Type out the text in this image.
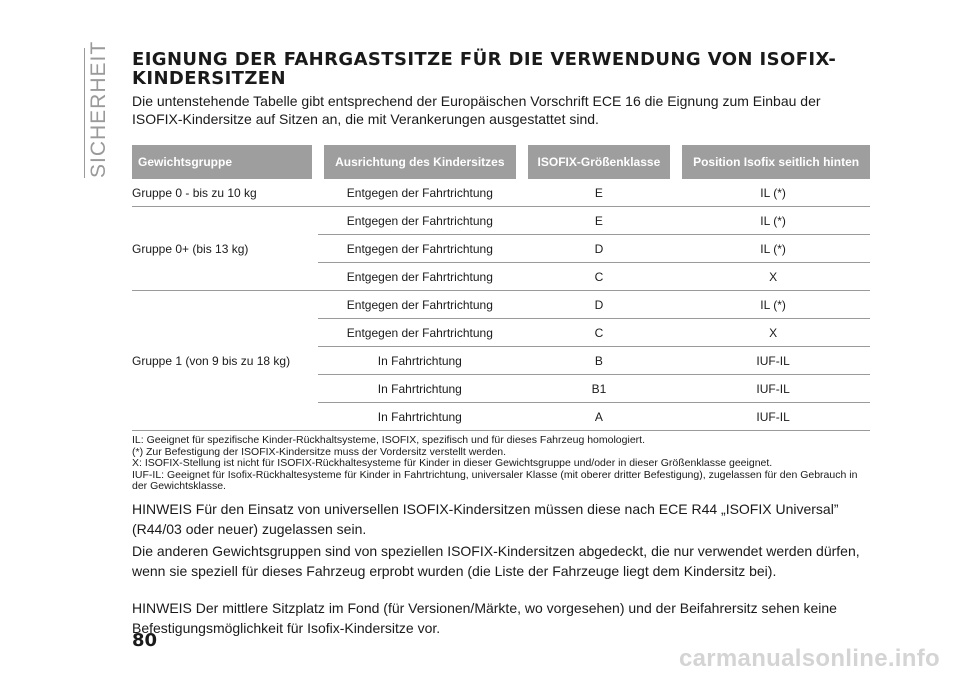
SICHERHEIT EIGNUNG DER FAHRGASTSITZE FÜR DIE VERWENDUNG VON ISOFIX-KINDERSITZEN

Die untenstehende Tabelle gibt entsprechend der Europäischen Vorschrift ECE 16 die Eignung zum Einbau der ISOFIX-Kindersitze auf Sitzen an, die mit Verankerungen ausgestattet sind.

Gewichtsgruppe	Ausrichtung des Kindersitzes	ISOFIX-Größenklasse	Position Isofix seitlich hinten
Gruppe 0 - bis zu 10 kg	Entgegen der Fahrtrichtung	E	IL (*)
Gruppe 0+ (bis 13 kg)	Entgegen der Fahrtrichtung	E	IL (*)
	Entgegen der Fahrtrichtung	D	IL (*)
	Entgegen der Fahrtrichtung	C	X
Gruppe 1 (von 9 bis zu 18 kg)	Entgegen der Fahrtrichtung	D	IL (*)
	Entgegen der Fahrtrichtung	C	X
	In Fahrtrichtung	B	IUF-IL
	In Fahrtrichtung	B1	IUF-IL
	In Fahrtrichtung	A	IUF-IL
IL: Geeignet für spezifische Kinder-Rückhaltsysteme, ISOFIX, spezifisch und für dieses Fahrzeug homologiert.
(*) Zur Befestigung der ISOFIX-Kindersitze muss der Vordersitz verstellt werden.
X: ISOFIX-Stellung ist nicht für ISOFIX-Rückhaltesysteme für Kinder in dieser Gewichtsgruppe und/oder in dieser Größenklasse geeignet.
IUF-IL: Geeignet für Isofix-Rückhaltesysteme für Kinder in Fahrtrichtung, universaler Klasse (mit oberer dritter Befestigung), zugelassen für den Gebrauch in der Gewichtsklasse.

HINWEIS Für den Einsatz von universellen ISOFIX-Kindersitzen müssen diese nach ECE R44 „ISOFIX Universal” (R44/03 oder neuer) zugelassen sein.

Die anderen Gewichtsgruppen sind von speziellen ISOFIX-Kindersitzen abgedeckt, die nur verwendet werden dürfen, wenn sie speziell für dieses Fahrzeug erprobt wurden (die Liste der Fahrzeuge liegt dem Kindersitz bei).

HINWEIS Der mittlere Sitzplatz im Fond (für Versionen/Märkte, wo vorgesehen) und der Beifahrersitz sehen keine Befestigungsmöglichkeit für Isofix-Kindersitze vor.

80
carmanualsonline.info
